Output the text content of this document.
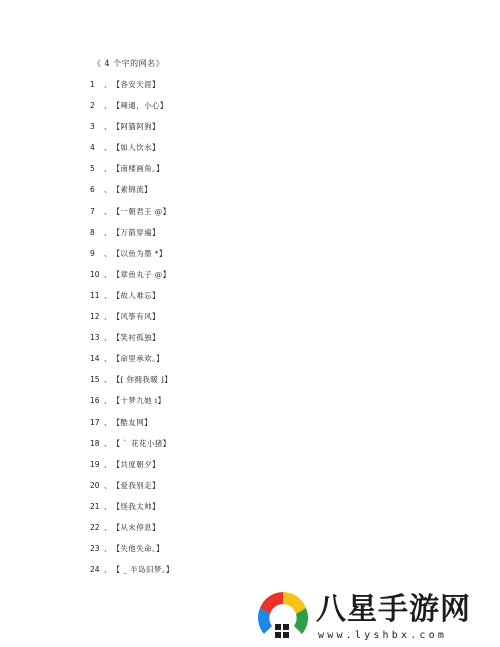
《 4 个字的网名》
1	、 【各安天涯】
2	、 【辣通，小心】
3	、 【阿猫阿狗】
4	、 【如人饮水】
5	、 【南楼画角。】
6	、 【素锦流】
7	、 【一朝君王 @】
8	、 【万箭穿遍】
9	、 【以鱼为墨 *】
10 、 【章鱼丸子 @】
11 、 【故人难忘】
12 、 【风筝有风】
13 、 【笑衬孤独】
14 、 【命里承欢。】
15 、 【[ 你拥我暖 ]】
16 、 【十梦九她 i】
17 、 【酷友网】
18 、 【 ゛花花小猪】
19 、 【共度朝夕】
20 、 【爱我别走】
21 、 【怪我太帅】
22 、 【从未停息】
23 、 【失他失命。】
24 、 【 _ 半岛旧梦。】
八星手游网
www.lyshbx.com
